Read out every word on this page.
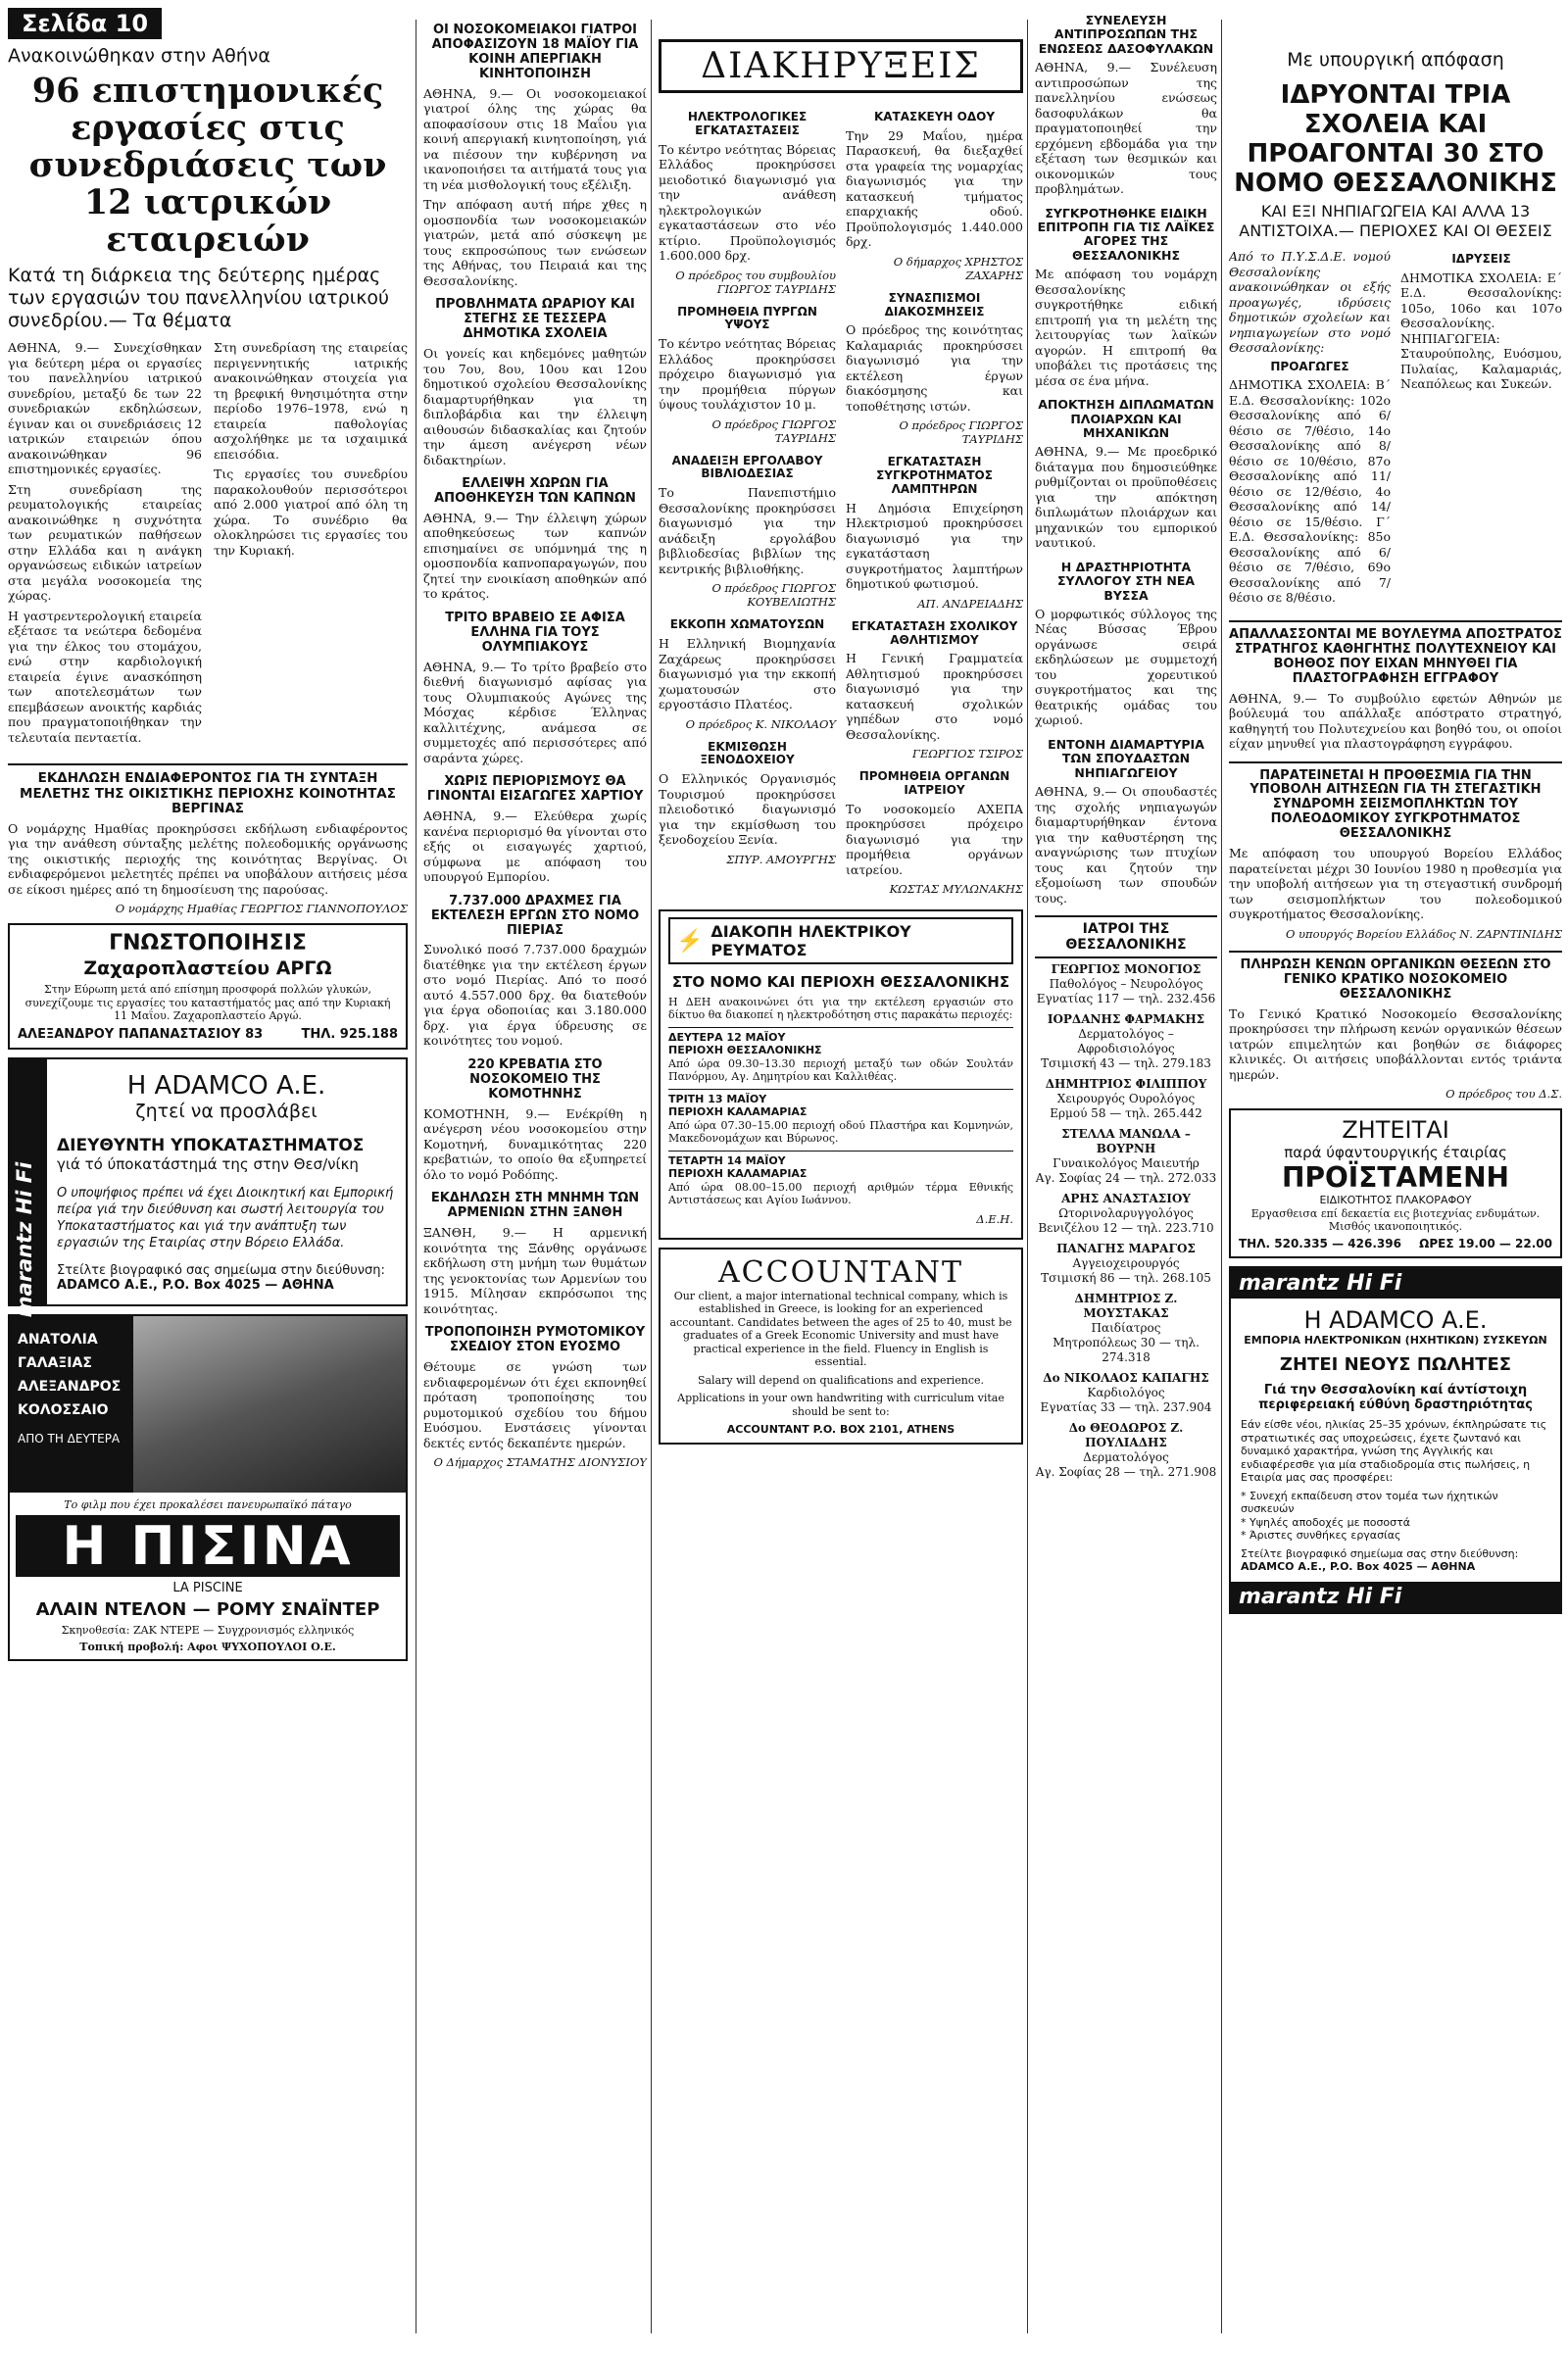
Σελίδα 10
Ανακοινώθηκαν στην Αθήνα
96 επιστημονικές εργασίες στις συνεδριάσεις των 12 ιατρικών εταιρειών
Κατά τη διάρκεια της δεύτερης ημέρας των εργασιών του πανελληνίου ιατρικού συνεδρίου.— Τα θέματα

ΑΘΗΝΑ, 9.— Συνεχίσθηκαν για δεύτερη μέρα οι εργασίες του πανελληνίου ιατρικού συνεδρίου, μεταξύ δε των 22 συνεδριακών εκδηλώσεων, έγιναν και οι συνεδριάσεις 12 ιατρικών εταιρειών όπου ανακοινώθηκαν 96 επιστημονικές εργασίες.

Στη συνεδρίαση της ρευματολογικής εταιρείας ανακοινώθηκε η συχνότητα των ρευματικών παθήσεων στην Ελλάδα και η ανάγκη οργανώσεως ειδικών ιατρείων στα μεγάλα νοσοκομεία της χώρας.

Η γαστρεντερολογική εταιρεία εξέτασε τα νεώτερα δεδομένα για την έλκος του στομάχου, ενώ στην καρδιολογική εταιρεία έγινε ανασκόπηση των αποτελεσμάτων των επεμβάσεων ανοικτής καρδιάς που πραγματοποιήθηκαν την τελευταία πενταετία.

Στη συνεδρίαση της εταιρείας περιγεννητικής ιατρικής ανακοινώθηκαν στοιχεία για τη βρεφική θνησιμότητα στην περίοδο 1976–1978, ενώ η εταιρεία παθολογίας ασχολήθηκε με τα ισχαιμικά επεισόδια.

Τις εργασίες του συνεδρίου παρακολουθούν περισσότεροι από 2.000 γιατροί από όλη τη χώρα. Το συνέδριο θα ολοκληρώσει τις εργασίες του την Κυριακή.

ΕΚΔΗΛΩΣΗ ΕΝΔΙΑΦΕΡΟΝΤΟΣ ΓΙΑ ΤΗ ΣΥΝΤΑΞΗ ΜΕΛΕΤΗΣ ΤΗΣ ΟΙΚΙΣΤΙΚΗΣ ΠΕΡΙΟΧΗΣ ΚΟΙΝΟΤΗΤΑΣ ΒΕΡΓΙΝΑΣ

Ο νομάρχης Ημαθίας προκηρύσσει εκδήλωση ενδιαφέροντος για την ανάθεση σύνταξης μελέτης πολεοδομικής οργάνωσης της οικιστικής περιοχής της κοινότητας Βεργίνας. Οι ενδιαφερόμενοι μελετητές πρέπει να υποβάλουν αιτήσεις μέσα σε είκοσι ημέρες από τη δημοσίευση της παρούσας.

Ο νομάρχης Ημαθίας ΓΕΩΡΓΙΟΣ ΓΙΑΝΝΟΠΟΥΛΟΣ
ΓΝΩΣΤΟΠΟΙΗΣΙΣ
Ζαχαροπλαστείου ΑΡΓΩ
Στην Εύρωπη μετά από επίσημη προσφορά πολλών γλυκών, συνεχίζουμε τις εργασίες του καταστήματός μας από την Κυριακή 11 Μαΐου. Ζαχαροπλαστείο Αργώ.
ΑΛΕΞΑΝΔΡΟΥ ΠΑΠΑΝΑΣΤΑΣΙΟΥ 83	ΤΗΛ. 925.188
marantz Hi Fi
Η ADAMCO A.E.
ζητεί να προσλάβει
ΔΙΕΥΘΥΝΤΗ ΥΠΟΚΑΤΑΣΤΗΜΑΤΟΣ
γιά τό ύποκατάστημά της στην Θεσ/νίκη
Ο υποψήφιος πρέπει νά έχει Διοικητική και Εμπορική πείρα γιά την διεύθυνση και σωστή λειτουργία του Υποκαταστήματος και γιά την ανάπτυξη των εργασιών της Εταιρίας στην Βόρειο Ελλάδα.
Στείλτε βιογραφικό σας σημείωμα στην διεύθυνση:
ADAMCO A.E., P.O. Box 4025 — ΑΘΗΝΑ
ΑΝΑΤΟΛΙΑ
ΓΑΛΑΞΙΑΣ
ΑΛΕΞΑΝΔΡΟΣ
ΚΟΛΟΣΣΑΙΟ
ΑΠΟ ΤΗ ΔΕΥΤΕΡΑ
Το φιλμ που έχει προκαλέσει πανευρωπαϊκό πάταγο
Η ΠΙΣΙΝΑ
LA PISCINE
ΑΛΑΙΝ ΝΤΕΛΟΝ — ΡΟΜΥ ΣΝΑΪΝΤΕΡ
Σκηνοθεσία: ΖΑΚ ΝΤΕΡΕ — Συγχρονισμός ελληνικός
Τοπική προβολή: Αφοι ΨΥΧΟΠΟΥΛΟΙ Ο.Ε.
ΟΙ ΝΟΣΟΚΟΜΕΙΑΚΟΙ ΓΙΑΤΡΟΙ ΑΠΟΦΑΣΙΖΟΥΝ 18 ΜΑΪΟΥ ΓΙΑ ΚΟΙΝΗ ΑΠΕΡΓΙΑΚΗ ΚΙΝΗΤΟΠΟΙΗΣΗ

ΑΘΗΝΑ, 9.— Οι νοσοκομειακοί γιατροί όλης της χώρας θα αποφασίσουν στις 18 Μαΐου για κοινή απεργιακή κινητοποίηση, γιά να πιέσουν την κυβέρνηση να ικανοποιήσει τα αιτήματά τους για τη νέα μισθολογική τους εξέλιξη.

Την απόφαση αυτή πήρε χθες η ομοσπονδία των νοσοκομειακών γιατρών, μετά από σύσκεψη με τους εκπροσώπους των ενώσεων της Αθήνας, του Πειραιά και της Θεσσαλονίκης.

ΠΡΟΒΛΗΜΑΤΑ ΩΡΑΡΙΟΥ ΚΑΙ ΣΤΕΓΗΣ ΣΕ ΤΕΣΣΕΡΑ ΔΗΜΟΤΙΚΑ ΣΧΟΛΕΙΑ

Οι γονείς και κηδεμόνες μαθητών του 7ου, 8ου, 10ου και 12ου δημοτικού σχολείου Θεσσαλονίκης διαμαρτυρήθηκαν για τη διπλοβάρδια και την έλλειψη αιθουσών διδασκαλίας και ζητούν την άμεση ανέγερση νέων διδακτηρίων.

ΕΛΛΕΙΨΗ ΧΩΡΩΝ ΓΙΑ ΑΠΟΘΗΚΕΥΣΗ ΤΩΝ ΚΑΠΝΩΝ

ΑΘΗΝΑ, 9.— Την έλλειψη χώρων αποθηκεύσεως των καπνών επισημαίνει σε υπόμνημά της η ομοσπονδία καπνοπαραγωγών, που ζητεί την ενοικίαση αποθηκών από το κράτος.

ΤΡΙΤΟ ΒΡΑΒΕΙΟ ΣΕ ΑΦΙΣΑ ΕΛΛΗΝΑ ΓΙΑ ΤΟΥΣ ΟΛΥΜΠΙΑΚΟΥΣ

ΑΘΗΝΑ, 9.— Το τρίτο βραβείο στο διεθνή διαγωνισμό αφίσας για τους Ολυμπιακούς Αγώνες της Μόσχας κέρδισε Έλληνας καλλιτέχνης, ανάμεσα σε συμμετοχές από περισσότερες από σαράντα χώρες.

ΧΩΡΙΣ ΠΕΡΙΟΡΙΣΜΟΥΣ ΘΑ ΓΙΝΟΝΤΑΙ ΕΙΣΑΓΩΓΕΣ ΧΑΡΤΙΟΥ

ΑΘΗΝΑ, 9.— Ελεύθερα χωρίς κανένα περιορισμό θα γίνονται στο εξής οι εισαγωγές χαρτιού, σύμφωνα με απόφαση του υπουργού Εμπορίου.

7.737.000 ΔΡΑΧΜΕΣ ΓΙΑ ΕΚΤΕΛΕΣΗ ΕΡΓΩΝ ΣΤΟ ΝΟΜΟ ΠΙΕΡΙΑΣ

Συνολικό ποσό 7.737.000 δραχμών διατέθηκε για την εκτέλεση έργων στο νομό Πιερίας. Από το ποσό αυτό 4.557.000 δρχ. θα διατεθούν για έργα οδοποιίας και 3.180.000 δρχ. για έργα ύδρευσης σε κοινότητες του νομού.

220 ΚΡΕΒΑΤΙΑ ΣΤΟ ΝΟΣΟΚΟΜΕΙΟ ΤΗΣ ΚΟΜΟΤΗΝΗΣ

ΚΟΜΟΤΗΝΗ, 9.— Ενέκρίθη η ανέγερση νέου νοσοκομείου στην Κομοτηνή, δυναμικότητας 220 κρεβατιών, το οποίο θα εξυπηρετεί όλο το νομό Ροδόπης.

ΕΚΔΗΛΩΣΗ ΣΤΗ ΜΝΗΜΗ ΤΩΝ ΑΡΜΕΝΙΩΝ ΣΤΗΝ ΞΑΝΘΗ

ΞΑΝΘΗ, 9.— Η αρμενική κοινότητα της Ξάνθης οργάνωσε εκδήλωση στη μνήμη των θυμάτων της γενοκτονίας των Αρμενίων του 1915. Μίλησαν εκπρόσωποι της κοινότητας.

ΤΡΟΠΟΠΟΙΗΣΗ ΡΥΜΟΤΟΜΙΚΟΥ ΣΧΕΔΙΟΥ ΣΤΟΝ ΕΥΟΣΜΟ

Θέτουμε σε γνώση των ενδιαφερομένων ότι έχει εκπονηθεί πρόταση τροποποίησης του ρυμοτομικού σχεδίου του δήμου Ευόσμου. Ενστάσεις γίνονται δεκτές εντός δεκαπέντε ημερών.

Ο Δήμαρχος ΣΤΑΜΑΤΗΣ ΔΙΟΝΥΣΙΟΥ
ΔΙΑΚΗΡΥΞΕΙΣ
ΗΛΕΚΤΡΟΛΟΓΙΚΕΣ ΕΓΚΑΤΑΣΤΑΣΕΙΣ

Το κέντρο νεότητας Βόρειας Ελλάδος προκηρύσσει μειοδοτικό διαγωνισμό για την ανάθεση ηλεκτρολογικών εγκαταστάσεων στο νέο κτίριο. Προϋπολογισμός 1.600.000 δρχ.

Ο πρόεδρος του συμβουλίου ΓΙΩΡΓΟΣ ΤΑΥΡΙΔΗΣ
ΠΡΟΜΗΘΕΙΑ ΠΥΡΓΩΝ ΥΨΟΥΣ

Το κέντρο νεότητας Βόρειας Ελλάδος προκηρύσσει πρόχειρο διαγωνισμό για την προμήθεια πύργων ύψους τουλάχιστον 10 μ.

Ο πρόεδρος ΓΙΩΡΓΟΣ ΤΑΥΡΙΔΗΣ
ΑΝΑΔΕΙΞΗ ΕΡΓΟΛΑΒΟΥ ΒΙΒΛΙΟΔΕΣΙΑΣ

Το Πανεπιστήμιο Θεσσαλονίκης προκηρύσσει διαγωνισμό για την ανάδειξη εργολάβου βιβλιοδεσίας βιβλίων της κεντρικής βιβλιοθήκης.

Ο πρόεδρος ΓΙΩΡΓΟΣ ΚΟΥΒΕΛΙΩΤΗΣ
ΕΚΚΟΠΗ ΧΩΜΑΤΟΥΣΩΝ

Η Ελληνική Βιομηχανία Ζαχάρεως προκηρύσσει διαγωνισμό για την εκκοπή χωματουσών στο εργοστάσιο Πλατέος.

Ο πρόεδρος Κ. ΝΙΚΟΛΑΟΥ
ΕΚΜΙΣΘΩΣΗ ΞΕΝΟΔΟΧΕΙΟΥ

Ο Ελληνικός Οργανισμός Τουρισμού προκηρύσσει πλειοδοτικό διαγωνισμό για την εκμίσθωση του ξενοδοχείου Ξενία.

ΣΠΥΡ. ΑΜΟΥΡΓΗΣ
ΚΑΤΑΣΚΕΥΗ ΟΔΟΥ

Την 29 Μαΐου, ημέρα Παρασκευή, θα διεξαχθεί στα γραφεία της νομαρχίας διαγωνισμός για την κατασκευή τμήματος επαρχιακής οδού. Προϋπολογισμός 1.440.000 δρχ.

Ο δήμαρχος ΧΡΗΣΤΟΣ ΖΑΧΑΡΗΣ
ΣΥΝΑΣΠΙΣΜΟΙ ΔΙΑΚΟΣΜΗΣΕΙΣ

Ο πρόεδρος της κοινότητας Καλαμαριάς προκηρύσσει διαγωνισμό για την εκτέλεση έργων διακόσμησης και τοποθέτησης ιστών.

Ο πρόεδρος ΓΙΩΡΓΟΣ ΤΑΥΡΙΔΗΣ
ΕΓΚΑΤΑΣΤΑΣΗ ΣΥΓΚΡΟΤΗΜΑΤΟΣ ΛΑΜΠΤΗΡΩΝ

Η Δημόσια Επιχείρηση Ηλεκτρισμού προκηρύσσει διαγωνισμό για την εγκατάσταση συγκροτήματος λαμπτήρων δημοτικού φωτισμού.

ΑΠ. ΑΝΔΡΕΙΑΔΗΣ
ΕΓΚΑΤΑΣΤΑΣΗ ΣΧΟΛΙΚΟΥ ΑΘΛΗΤΙΣΜΟΥ

Η Γενική Γραμματεία Αθλητισμού προκηρύσσει διαγωνισμό για την κατασκευή σχολικών γηπέδων στο νομό Θεσσαλονίκης.

ΓΕΩΡΓΙΟΣ ΤΣΙΡΟΣ
ΠΡΟΜΗΘΕΙΑ ΟΡΓΑΝΩΝ ΙΑΤΡΕΙΟΥ

Το νοσοκομείο ΑΧΕΠΑ προκηρύσσει πρόχειρο διαγωνισμό για την προμήθεια οργάνων ιατρείου.

ΚΩΣΤΑΣ ΜΥΛΩΝΑΚΗΣ
⚡ ΔΙΑΚΟΠΗ ΗΛΕΚΤΡΙΚΟΥ ΡΕΥΜΑΤΟΣ
ΣΤΟ ΝΟΜΟ ΚΑΙ ΠΕΡΙΟΧΗ ΘΕΣΣΑΛΟΝΙΚΗΣ

Η ΔΕΗ ανακοινώνει ότι για την εκτέλεση εργασιών στο δίκτυο θα διακοπεί η ηλεκτροδότηση στις παρακάτω περιοχές:

ΔΕΥΤΕΡΑ 12 ΜΑΪΟΥ
ΠΕΡΙΟΧΗ ΘΕΣΣΑΛΟΝΙΚΗΣ

Από ώρα 09.30–13.30 περιοχή μεταξύ των οδών Σουλτάν Πανόρμου, Αγ. Δημητρίου και Καλλιθέας.

ΤΡΙΤΗ 13 ΜΑΪΟΥ
ΠΕΡΙΟΧΗ ΚΑΛΑΜΑΡΙΑΣ

Από ώρα 07.30–15.00 περιοχή οδού Πλαστήρα και Κομνηνών, Μακεδονομάχων και Βύρωνος.

ΤΕΤΑΡΤΗ 14 ΜΑΪΟΥ
ΠΕΡΙΟΧΗ ΚΑΛΑΜΑΡΙΑΣ

Από ώρα 08.00–15.00 περιοχή αριθμών τέρμα Εθνικής Αντιστάσεως και Αγίου Ιωάννου.

Δ.Ε.Η.
ACCOUNTANT

Our client, a major international technical company, which is established in Greece, is looking for an experienced accountant. Candidates between the ages of 25 to 40, must be graduates of a Greek Economic University and must have practical experience in the field. Fluency in English is essential.

Salary will depend on qualifications and experience.

Applications in your own handwriting with curriculum vitae should be sent to:

ACCOUNTANT P.O. BOX 2101, ATHENS
ΣΥΝΕΛΕΥΣΗ ΑΝΤΙΠΡΟΣΩΠΩΝ ΤΗΣ ΕΝΩΣΕΩΣ ΔΑΣΟΦΥΛΑΚΩΝ

ΑΘΗΝΑ, 9.— Συνέλευση αντιπροσώπων της πανελληνίου ενώσεως δασοφυλάκων θα πραγματοποιηθεί την ερχόμενη εβδομάδα για την εξέταση των θεσμικών και οικονομικών τους προβλημάτων.

ΣΥΓΚΡΟΤΗΘΗΚΕ ΕΙΔΙΚΗ ΕΠΙΤΡΟΠΗ ΓΙΑ ΤΙΣ ΛΑΪΚΕΣ ΑΓΟΡΕΣ ΤΗΣ ΘΕΣΣΑΛΟΝΙΚΗΣ

Με απόφαση του νομάρχη Θεσσαλονίκης συγκροτήθηκε ειδική επιτροπή για τη μελέτη της λειτουργίας των λαϊκών αγορών. Η επιτροπή θα υποβάλει τις προτάσεις της μέσα σε ένα μήνα.

ΑΠΟΚΤΗΣΗ ΔΙΠΛΩΜΑΤΩΝ ΠΛΟΙΑΡΧΩΝ ΚΑΙ ΜΗΧΑΝΙΚΩΝ

ΑΘΗΝΑ, 9.— Με προεδρικό διάταγμα που δημοσιεύθηκε ρυθμίζονται οι προϋποθέσεις για την απόκτηση διπλωμάτων πλοιάρχων και μηχανικών του εμπορικού ναυτικού.

Η ΔΡΑΣΤΗΡΙΟΤΗΤΑ ΣΥΛΛΟΓΟΥ ΣΤΗ ΝΕΑ ΒΥΣΣΑ

Ο μορφωτικός σύλλογος της Νέας Βύσσας Έβρου οργάνωσε σειρά εκδηλώσεων με συμμετοχή του χορευτικού συγκροτήματος και της θεατρικής ομάδας του χωριού.

ΕΝΤΟΝΗ ΔΙΑΜΑΡΤΥΡΙΑ ΤΩΝ ΣΠΟΥΔΑΣΤΩΝ ΝΗΠΙΑΓΩΓΕΙΟΥ

ΑΘΗΝΑ, 9.— Οι σπουδαστές της σχολής νηπιαγωγών διαμαρτυρήθηκαν έντονα για την καθυστέρηση της αναγνώρισης των πτυχίων τους και ζητούν την εξομοίωση των σπουδών τους.

ΙΑΤΡΟΙ ΤΗΣ ΘΕΣΣΑΛΟΝΙΚΗΣ
ΓΕΩΡΓΙΟΣ ΜΟΝΟΓΙΟΣ
Παθολόγος – Νευρολόγος
Εγνατίας 117 — τηλ. 232.456
ΙΟΡΔΑΝΗΣ ΦΑΡΜΑΚΗΣ
Δερματολόγος – Αφροδισιολόγος
Τσιμισκή 43 — τηλ. 279.183
ΔΗΜΗΤΡΙΟΣ ΦΙΛΙΠΠΟΥ
Χειρουργός Ουρολόγος
Ερμού 58 — τηλ. 265.442
ΣΤΕΛΛΑ ΜΑΝΩΛΑ – ΒΟΥΡΝΗ
Γυναικολόγος Μαιευτήρ
Αγ. Σοφίας 24 — τηλ. 272.033
ΑΡΗΣ ΑΝΑΣΤΑΣΙΟΥ
Ωτορινολαρυγγολόγος
Βενιζέλου 12 — τηλ. 223.710
ΠΑΝΑΓΗΣ ΜΑΡΑΓΟΣ
Αγγειοχειρουργός
Τσιμισκή 86 — τηλ. 268.105
ΔΗΜΗΤΡΙΟΣ Ζ. ΜΟΥΣΤΑΚΑΣ
Παιδίατρος
Μητροπόλεως 30 — τηλ. 274.318
Δο ΝΙΚΟΛΑΟΣ ΚΑΠΑΓΗΣ
Καρδιολόγος
Εγνατίας 33 — τηλ. 237.904
Δο ΘΕΟΔΩΡΟΣ Ζ. ΠΟΥΛΙΑΔΗΣ
Δερματολόγος
Αγ. Σοφίας 28 — τηλ. 271.908
Με υπουργική απόφαση
ΙΔΡΥΟΝΤΑΙ ΤΡΙΑ ΣΧΟΛΕΙΑ ΚΑΙ ΠΡΟΑΓΟΝΤΑΙ 30 ΣΤΟ ΝΟΜΟ ΘΕΣΣΑΛΟΝΙΚΗΣ
ΚΑΙ ΕΞΙ ΝΗΠΙΑΓΩΓΕΙΑ ΚΑΙ ΑΛΛΑ 13 ΑΝΤΙΣΤΟΙΧΑ.— ΠΕΡΙΟΧΕΣ ΚΑΙ ΟΙ ΘΕΣΕΙΣ

Από το Π.Υ.Σ.Δ.Ε. νομού Θεσσαλονίκης ανακοινώθηκαν οι εξής προαγωγές, ιδρύσεις δημοτικών σχολείων και νηπιαγωγείων στο νομό Θεσσαλονίκης:

ΠΡΟΑΓΩΓΕΣ

ΔΗΜΟΤΙΚΑ ΣΧΟΛΕΙΑ: Β΄ Ε.Δ. Θεσσαλονίκης: 102ο Θεσσαλονίκης από 6/θέσιο σε 7/θέσιο, 14ο Θεσσαλονίκης από 8/θέσιο σε 10/θέσιο, 87ο Θεσσαλονίκης από 11/θέσιο σε 12/θέσιο, 4ο Θεσσαλονίκης από 14/θέσιο σε 15/θέσιο. Γ΄ Ε.Δ. Θεσσαλονίκης: 85ο Θεσσαλονίκης από 6/θέσιο σε 7/θέσιο, 69ο Θεσσαλονίκης από 7/θέσιο σε 8/θέσιο.

ΙΔΡΥΣΕΙΣ

ΔΗΜΟΤΙΚΑ ΣΧΟΛΕΙΑ: Ε΄ Ε.Δ. Θεσσαλονίκης: 105ο, 106ο και 107ο Θεσσαλονίκης. ΝΗΠΙΑΓΩΓΕΙΑ: Σταυρούπολης, Ευόσμου, Πυλαίας, Καλαμαριάς, Νεαπόλεως και Συκεών.

ΑΠΑΛΛΑΣΣΟΝΤΑΙ ΜΕ ΒΟΥΛΕΥΜΑ ΑΠΟΣΤΡΑΤΟΣ ΣΤΡΑΤΗΓΟΣ ΚΑΘΗΓΗΤΗΣ ΠΟΛΥΤΕΧΝΕΙΟΥ ΚΑΙ ΒΟΗΘΟΣ ΠΟΥ ΕΙΧΑΝ ΜΗΝΥΘΕΙ ΓΙΑ ΠΛΑΣΤΟΓΡΑΦΗΣΗ ΕΓΓΡΑΦΟΥ

ΑΘΗΝΑ, 9.— Το συμβούλιο εφετών Αθηνών με βούλευμά του απάλλαξε απόστρατο στρατηγό, καθηγητή του Πολυτεχνείου και βοηθό του, οι οποίοι είχαν μηνυθεί για πλαστογράφηση εγγράφου.

ΠΑΡΑΤΕΙΝΕΤΑΙ Η ΠΡΟΘΕΣΜΙΑ ΓΙΑ ΤΗΝ ΥΠΟΒΟΛΗ ΑΙΤΗΣΕΩΝ ΓΙΑ ΤΗ ΣΤΕΓΑΣΤΙΚΗ ΣΥΝΔΡΟΜΗ ΣΕΙΣΜΟΠΛΗΚΤΩΝ ΤΟΥ ΠΟΛΕΟΔΟΜΙΚΟΥ ΣΥΓΚΡΟΤΗΜΑΤΟΣ ΘΕΣΣΑΛΟΝΙΚΗΣ

Με απόφαση του υπουργού Βορείου Ελλάδος παρατείνεται μέχρι 30 Ιουνίου 1980 η προθεσμία για την υποβολή αιτήσεων για τη στεγαστική συνδρομή των σεισμοπλήκτων του πολεοδομικού συγκροτήματος Θεσσαλονίκης.

Ο υπουργός Βορείου Ελλάδος Ν. ΖΑΡΝΤΙΝΙΔΗΣ
ΠΛΗΡΩΣΗ ΚΕΝΩΝ ΟΡΓΑΝΙΚΩΝ ΘΕΣΕΩΝ ΣΤΟ ΓΕΝΙΚΟ ΚΡΑΤΙΚΟ ΝΟΣΟΚΟΜΕΙΟ ΘΕΣΣΑΛΟΝΙΚΗΣ

Το Γενικό Κρατικό Νοσοκομείο Θεσσαλονίκης προκηρύσσει την πλήρωση κενών οργανικών θέσεων ιατρών επιμελητών και βοηθών σε διάφορες κλινικές. Οι αιτήσεις υποβάλλονται εντός τριάντα ημερών.

Ο πρόεδρος του Δ.Σ.
ΖΗΤΕΙΤΑΙ
παρά ύφαντουργικής έταιρίας
ΠΡΟΪΣΤΑΜΕΝΗ
ΕΙΔΙΚΟΤΗΤΟΣ ΠΛΑΚΟΡΑΦΟΥ
Εργασθεισα επί δεκαετία εις βιοτεχνίας ενδυμάτων. Μισθός ικανοποιητικός.
ΤΗΛ. 520.335 — 426.396 ΩΡΕΣ 19.00 — 22.00
marantz Hi Fi
Η ADAMCO A.E.
ΕΜΠΟΡΙΑ ΗΛΕΚΤΡΟΝΙΚΩΝ (ΗΧΗΤΙΚΩΝ) ΣΥΣΚΕΥΩΝ
ΖΗΤΕΙ ΝΕΟΥΣ ΠΩΛΗΤΕΣ
Γιά την Θεσσαλονίκη καί άντίστοιχη περιφερειακή εύθύνη δραστηριότητας
Εάν είσθε νέοι, ηλικίας 25–35 χρόνων, έκπληρώσατε τις στρατιωτικές σας υποχρεώσεις, έχετε ζωντανό και δυναμικό χαρακτήρα, γνώση της Αγγλικής και ενδιαφέρεσθε για μία σταδιοδρομία στις πωλήσεις, η Εταιρία μας σας προσφέρει:
* Συνεχή εκπαίδευση στον τομέα των ήχητικών συσκευών
* Υψηλές αποδοχές με ποσοστά
* Άριστες συνθήκες εργασίας
Στείλτε βιογραφικό σημείωμα σας στην διεύθυνση:
ADAMCO A.E., P.O. Box 4025 — ΑΘΗΝΑ
marantz Hi Fi
